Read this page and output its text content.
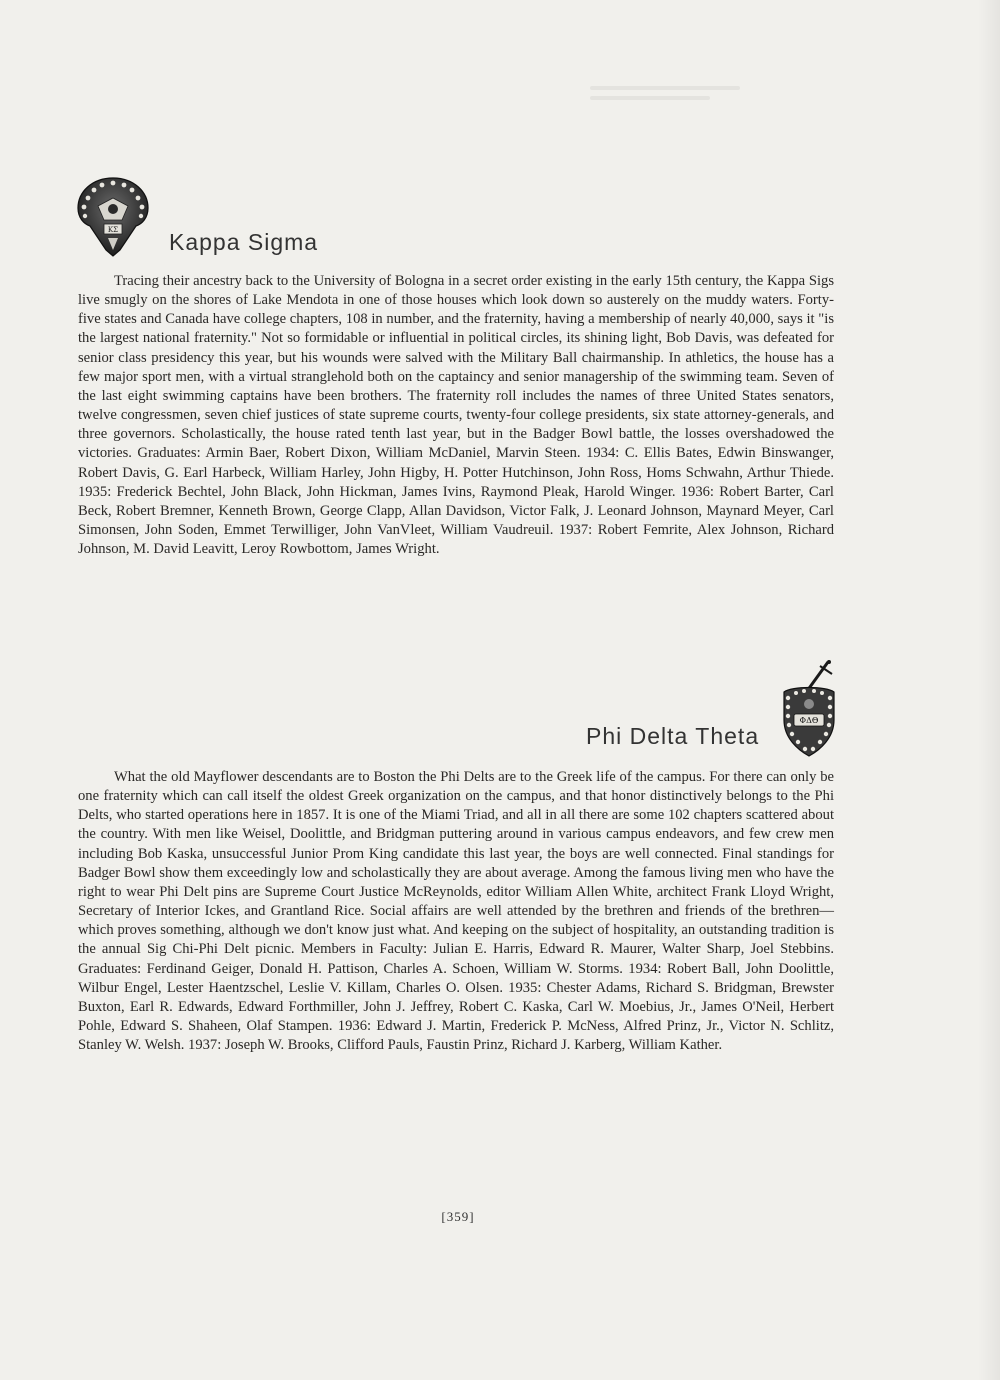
ΚΣ Kappa Sigma

Tracing their ancestry back to the University of Bologna in a secret order existing in the early 15th century, the Kappa Sigs live smugly on the shores of Lake Mendota in one of those houses which look down so austerely on the muddy waters. Forty-five states and Canada have college chapters, 108 in number, and the fraternity, having a membership of nearly 40,000, says it "is the largest national fraternity." Not so formidable or influential in political circles, its shining light, Bob Davis, was defeated for senior class presidency this year, but his wounds were salved with the Military Ball chairmanship. In athletics, the house has a few major sport men, with a virtual stranglehold both on the captaincy and senior managership of the swimming team. Seven of the last eight swimming captains have been brothers. The fraternity roll includes the names of three United States senators, twelve congressmen, seven chief justices of state supreme courts, twenty-four college presidents, six state attorney-generals, and three governors. Scholastically, the house rated tenth last year, but in the Badger Bowl battle, the losses overshadowed the victories. Graduates: Armin Baer, Robert Dixon, William McDaniel, Marvin Steen. 1934: C. Ellis Bates, Edwin Binswanger, Robert Davis, G. Earl Harbeck, William Harley, John Higby, H. Potter Hutchinson, John Ross, Homs Schwahn, Arthur Thiede. 1935: Frederick Bechtel, John Black, John Hickman, James Ivins, Raymond Pleak, Harold Winger. 1936: Robert Barter, Carl Beck, Robert Bremner, Kenneth Brown, George Clapp, Allan Davidson, Victor Falk, J. Leonard Johnson, Maynard Meyer, Carl Simonsen, John Soden, Emmet Terwilliger, John VanVleet, William Vaudreuil. 1937: Robert Femrite, Alex Johnson, Richard Johnson, M. David Leavitt, Leroy Rowbottom, James Wright.

Phi Delta Theta
ΦΔΘ

What the old Mayflower descendants are to Boston the Phi Delts are to the Greek life of the campus. For there can only be one fraternity which can call itself the oldest Greek organization on the campus, and that honor distinctively belongs to the Phi Delts, who started operations here in 1857. It is one of the Miami Triad, and all in all there are some 102 chapters scattered about the country. With men like Weisel, Doolittle, and Bridgman puttering around in various campus endeavors, and few crew men including Bob Kaska, unsuccessful Junior Prom King candidate this last year, the boys are well connected. Final standings for Badger Bowl show them exceedingly low and scholastically they are about average. Among the famous living men who have the right to wear Phi Delt pins are Supreme Court Justice McReynolds, editor William Allen White, architect Frank Lloyd Wright, Secretary of Interior Ickes, and Grantland Rice. Social affairs are well attended by the brethren and friends of the brethren—which proves something, although we don't know just what. And keeping on the subject of hospitality, an outstanding tradition is the annual Sig Chi-Phi Delt picnic. Members in Faculty: Julian E. Harris, Edward R. Maurer, Walter Sharp, Joel Stebbins. Graduates: Ferdinand Geiger, Donald H. Pattison, Charles A. Schoen, William W. Storms. 1934: Robert Ball, John Doolittle, Wilbur Engel, Lester Haentzschel, Leslie V. Killam, Charles O. Olsen. 1935: Chester Adams, Richard S. Bridgman, Brewster Buxton, Earl R. Edwards, Edward Forthmiller, John J. Jeffrey, Robert C. Kaska, Carl W. Moebius, Jr., James O'Neil, Herbert Pohle, Edward S. Shaheen, Olaf Stampen. 1936: Edward J. Martin, Frederick P. McNess, Alfred Prinz, Jr., Victor N. Schlitz, Stanley W. Welsh. 1937: Joseph W. Brooks, Clifford Pauls, Faustin Prinz, Richard J. Karberg, William Kather.

[359]
